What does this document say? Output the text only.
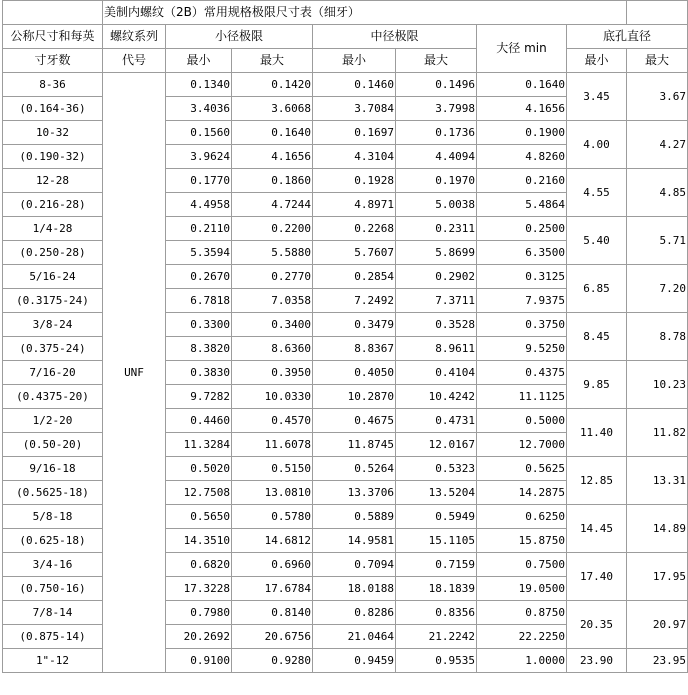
	美制内螺纹（2B）常用规格极限尺寸表（细牙）							
公称尺寸和每英	螺纹系列	小径极限		中径极限		大径 min	底孔直径	
寸牙数	代号	最小	最大	最小	最大		最小	最大
8-36	UNF	0.1340	0.1420	0.1460	0.1496	0.1640	3.45	3.67
(0.164-36)		3.4036	3.6068	3.7084	3.7998	4.1656		
10-32		0.1560	0.1640	0.1697	0.1736	0.1900	4.00	4.27
(0.190-32)		3.9624	4.1656	4.3104	4.4094	4.8260		
12-28		0.1770	0.1860	0.1928	0.1970	0.2160	4.55	4.85
(0.216-28)		4.4958	4.7244	4.8971	5.0038	5.4864		
1/4-28		0.2110	0.2200	0.2268	0.2311	0.2500	5.40	5.71
(0.250-28)		5.3594	5.5880	5.7607	5.8699	6.3500		
5/16-24		0.2670	0.2770	0.2854	0.2902	0.3125	6.85	7.20
(0.3175-24)		6.7818	7.0358	7.2492	7.3711	7.9375		
3/8-24		0.3300	0.3400	0.3479	0.3528	0.3750	8.45	8.78
(0.375-24)		8.3820	8.6360	8.8367	8.9611	9.5250		
7/16-20		0.3830	0.3950	0.4050	0.4104	0.4375	9.85	10.23
(0.4375-20)		9.7282	10.0330	10.2870	10.4242	11.1125		
1/2-20		0.4460	0.4570	0.4675	0.4731	0.5000	11.40	11.82
(0.50-20)		11.3284	11.6078	11.8745	12.0167	12.7000		
9/16-18		0.5020	0.5150	0.5264	0.5323	0.5625	12.85	13.31
(0.5625-18)		12.7508	13.0810	13.3706	13.5204	14.2875		
5/8-18		0.5650	0.5780	0.5889	0.5949	0.6250	14.45	14.89
(0.625-18)		14.3510	14.6812	14.9581	15.1105	15.8750		
3/4-16		0.6820	0.6960	0.7094	0.7159	0.7500	17.40	17.95
(0.750-16)		17.3228	17.6784	18.0188	18.1839	19.0500		
7/8-14		0.7980	0.8140	0.8286	0.8356	0.8750	20.35	20.97
(0.875-14)		20.2692	20.6756	21.0464	21.2242	22.2250		
1"-12		0.9100	0.9280	0.9459	0.9535	1.0000	23.90	23.95
